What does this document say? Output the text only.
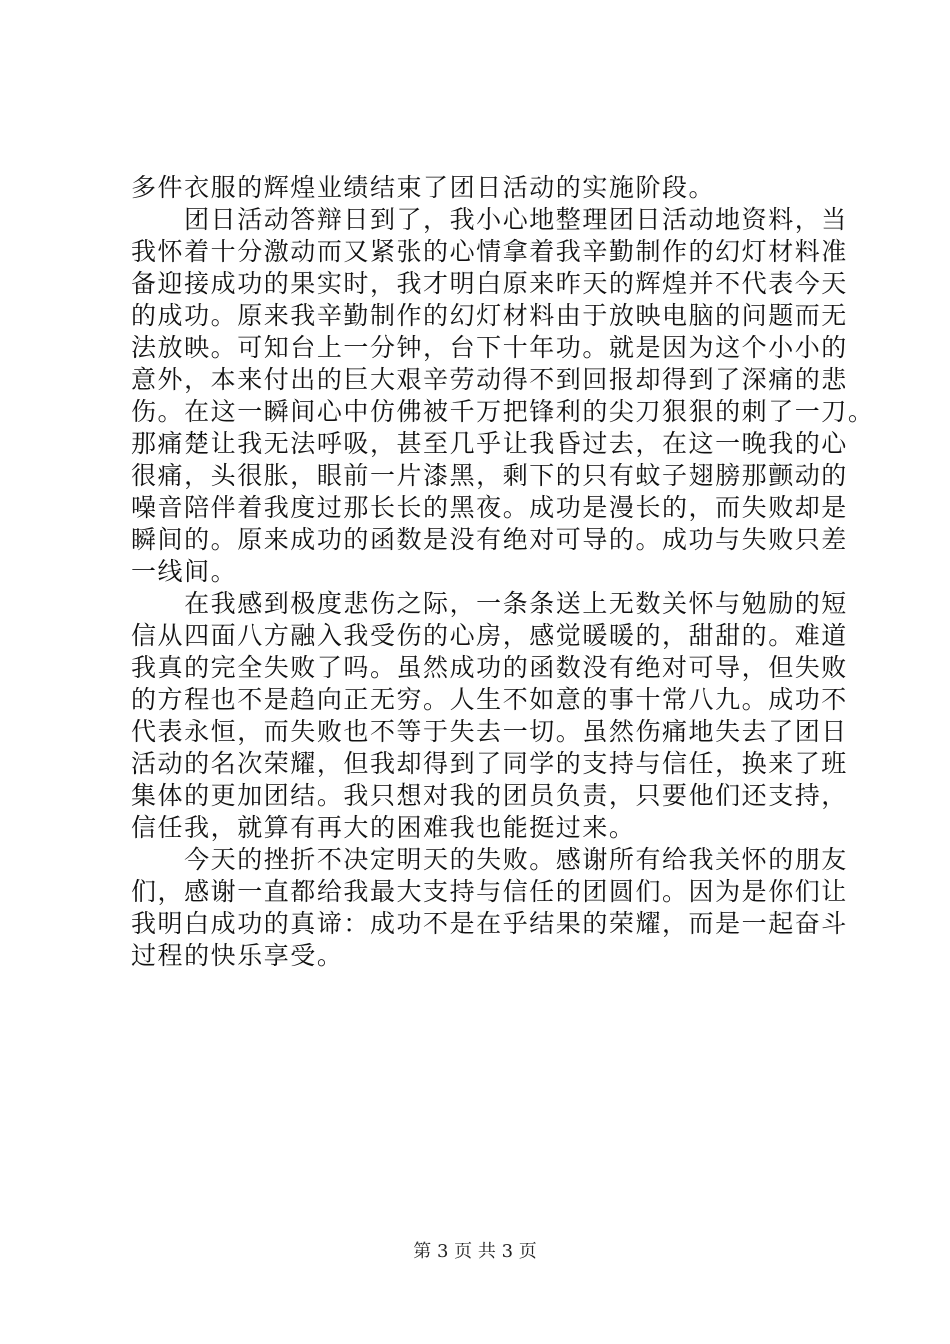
多件衣服的辉煌业绩结束了团日活动的实施阶段。
　　团日活动答辩日到了，我小心地整理团日活动地资料，当
我怀着十分激动而又紧张的心情拿着我辛勤制作的幻灯材料准
备迎接成功的果实时，我才明白原来昨天的辉煌并不代表今天
的成功。原来我辛勤制作的幻灯材料由于放映电脑的问题而无
法放映。可知台上一分钟，台下十年功。就是因为这个小小的
意外，本来付出的巨大艰辛劳动得不到回报却得到了深痛的悲
伤。在这一瞬间心中仿佛被千万把锋利的尖刀狠狠的刺了一刀。
那痛楚让我无法呼吸，甚至几乎让我昏过去，在这一晚我的心
很痛，头很胀，眼前一片漆黑，剩下的只有蚊子翅膀那颤动的
噪音陪伴着我度过那长长的黑夜。成功是漫长的，而失败却是
瞬间的。原来成功的函数是没有绝对可导的。成功与失败只差
一线间。
　　在我感到极度悲伤之际，一条条送上无数关怀与勉励的短
信从四面八方融入我受伤的心房，感觉暖暖的，甜甜的。难道
我真的完全失败了吗。虽然成功的函数没有绝对可导，但失败
的方程也不是趋向正无穷。人生不如意的事十常八九。成功不
代表永恒，而失败也不等于失去一切。虽然伤痛地失去了团日
活动的名次荣耀，但我却得到了同学的支持与信任，换来了班
集体的更加团结。我只想对我的团员负责，只要他们还支持，
信任我，就算有再大的困难我也能挺过来。
　　今天的挫折不决定明天的失败。感谢所有给我关怀的朋友
们，感谢一直都给我最大支持与信任的团圆们。因为是你们让
我明白成功的真谛：成功不是在乎结果的荣耀，而是一起奋斗
过程的快乐享受。
第 3 页 共 3 页
